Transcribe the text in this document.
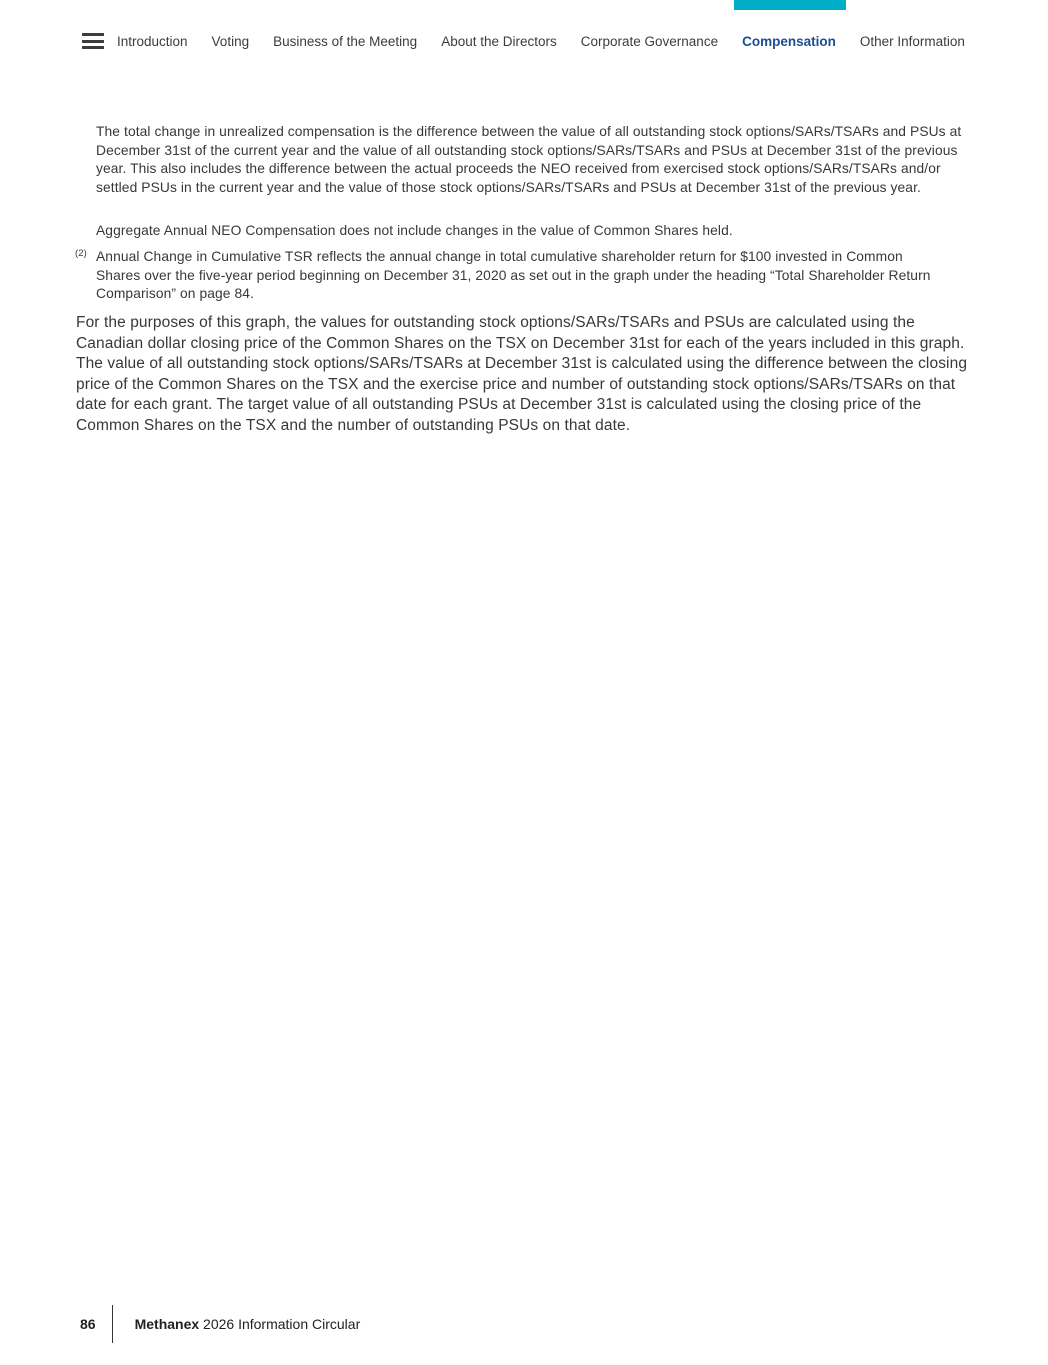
Introduction Voting Business of the Meeting About the Directors Corporate Governance Compensation Other Information

The total change in unrealized compensation is the difference between the value of all outstanding stock options/SARs/TSARs and PSUs at December 31st of the current year and the value of all outstanding stock options/SARs/TSARs and PSUs at December 31st of the previous year. This also includes the difference between the actual proceeds the NEO received from exercised stock options/SARs/TSARs and/or settled PSUs in the current year and the value of those stock options/SARs/TSARs and PSUs at December 31st of the previous year.

Aggregate Annual NEO Compensation does not include changes in the value of Common Shares held.

(2) Annual Change in Cumulative TSR reflects the annual change in total cumulative shareholder return for $100 invested in Common Shares over the five-year period beginning on December 31, 2020 as set out in the graph under the heading “Total Shareholder Return Comparison” on page 84.

For the purposes of this graph, the values for outstanding stock options/SARs/TSARs and PSUs are calculated using the Canadian dollar closing price of the Common Shares on the TSX on December 31st for each of the years included in this graph. The value of all outstanding stock options/SARs/TSARs at December 31st is calculated using the difference between the closing price of the Common Shares on the TSX and the exercise price and number of outstanding stock options/SARs/TSARs on that date for each grant. The target value of all outstanding PSUs at December 31st is calculated using the closing price of the Common Shares on the TSX and the number of outstanding PSUs on that date.

86	Methanex 2026 Information Circular
